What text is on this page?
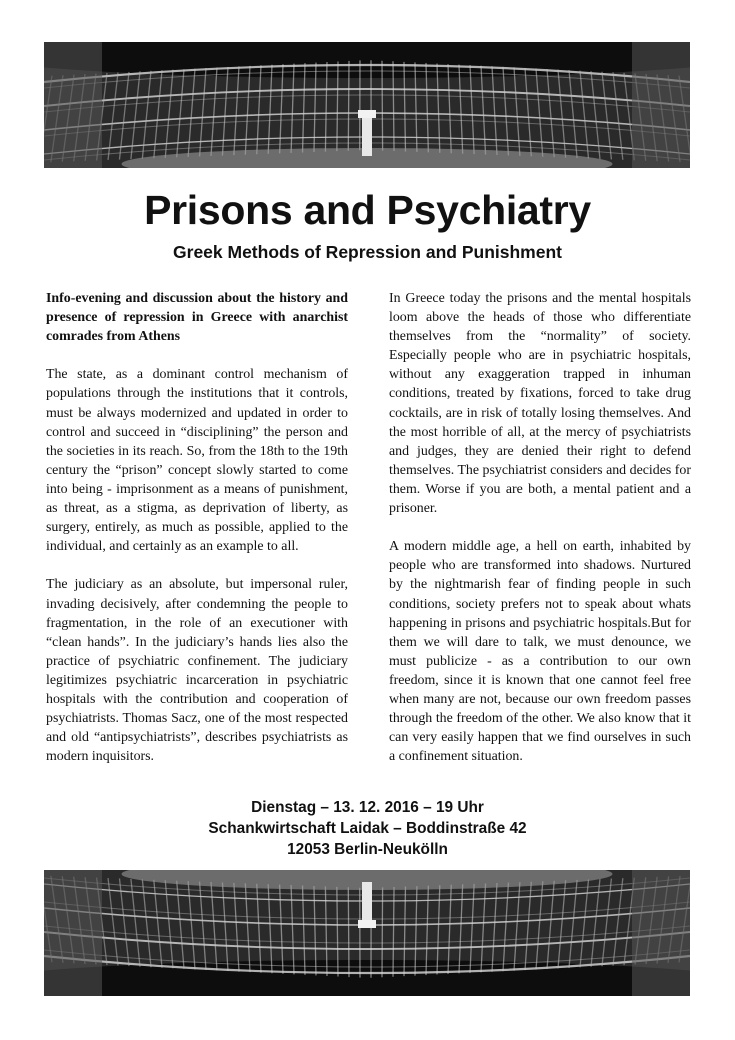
Prisons and Psychiatry
Greek Methods of Repression and Punishment

Info-evening and discussion about the history and presence of repression in Greece with anarchist comrades from Athens

The state, as a dominant control mechanism of populations through the institutions that it controls, must be always modernized and updated in order to control and succeed in “disciplining” the person and the societies in its reach. So, from the 18th to the 19th century the “prison” concept slowly started to come into being - imprisonment as a means of punishment, as threat, as a stigma, as deprivation of liberty, as surgery, entirely, as much as possible, applied to the individual, and certainly as an example to all.

The judiciary as an absolute, but impersonal ruler, invading decisively, after condemning the people to fragmentation, in the role of an executioner with “clean hands”. In the judiciary’s hands lies also the practice of psychiatric confinement. The judiciary legitimizes psychiatric incarceration in psychiatric hospitals with the contribution and cooperation of psychiatrists. Thomas Sacz, one of the most respected and old “antipsychiatrists”, describes psychiatrists as modern inquisitors.

In Greece today the prisons and the mental hospitals loom above the heads of those who differentiate themselves from the “normality” of society. Especially people who are in psychiatric hospitals, without any exaggeration trapped in inhuman conditions, treated by fixations, forced to take drug cocktails, are in risk of totally losing themselves. And the most horrible of all, at the mercy of psychiatrists and judges, they are denied their right to defend themselves. The psychiatrist considers and decides for them. Worse if you are both, a mental patient and a prisoner.

A modern middle age, a hell on earth, inhabited by people who are transformed into shadows. Nurtured by the nightmarish fear of finding people in such conditions, society prefers not to speak about whats happening in prisons and psychiatric hospitals.But for them we will dare to talk, we must denounce, we must publicize - as a contribution to our own freedom, since it is known that one cannot feel free when many are not, because our own freedom passes through the freedom of the other. We also know that it can very easily happen that we find ourselves in such a confinement situation.

Dienstag – 13. 12. 2016 – 19 Uhr
Schankwirtschaft Laidak – Boddinstraße 42
12053 Berlin-Neukölln
